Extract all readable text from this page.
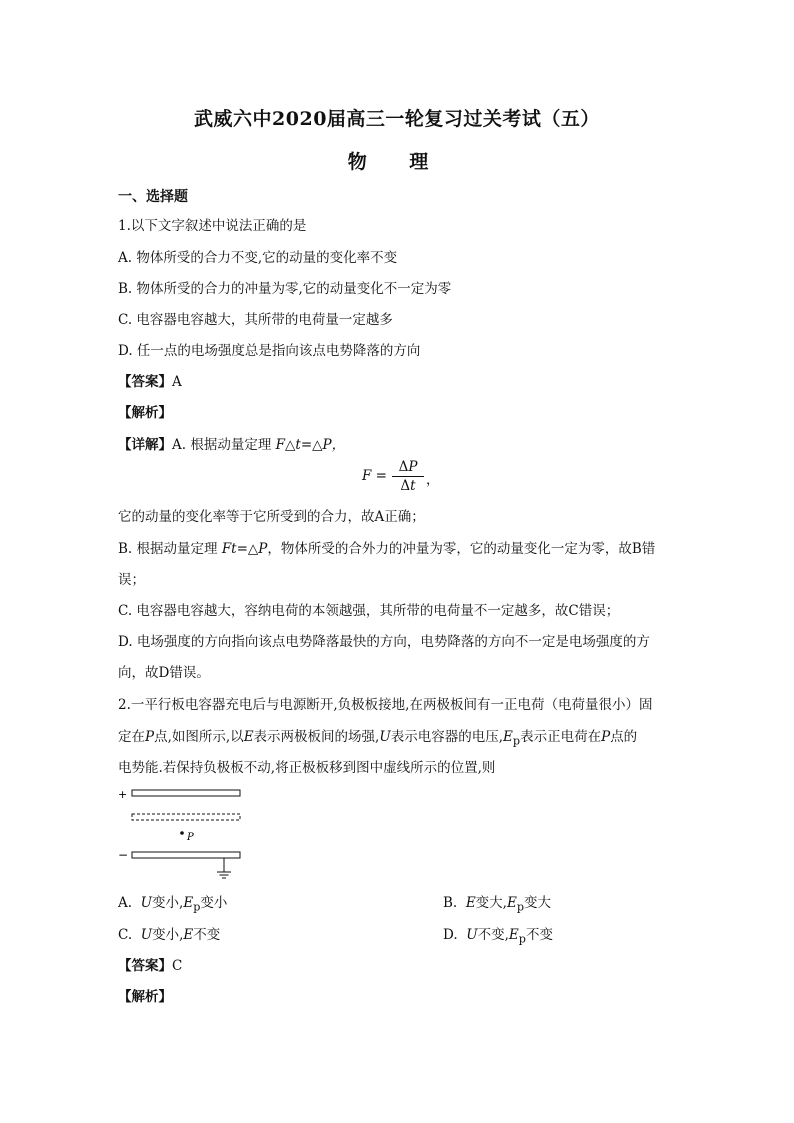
武威六中2020届高三一轮复习过关考试（五）
物 理
一、选择题
1.以下文字叙述中说法正确的是
A. 物体所受的合力不变,它的动量的变化率不变
B. 物体所受的合力的冲量为零,它的动量变化不一定为零
C. 电容器电容越大，其所带的电荷量一定越多
D. 任一点的电场强度总是指向该点电势降落的方向
【答案】A
【解析】
【详解】A. 根据动量定理 F△t=△P，
$F = \frac{\Delta P}{\Delta t}$ ，
它的动量的变化率等于它所受到的合力，故A正确；
B. 根据动量定理 Ft=△P，物体所受的合外力的冲量为零，它的动量变化一定为零，故B错
误；
C. 电容器电容越大，容纳电荷的本领越强，其所带的电荷量不一定越多，故C错误；
D. 电场强度的方向指向该点电势降落最快的方向，电势降落的方向不一定是电场强度的方
向，故D错误。
2.一平行板电容器充电后与电源断开,负极板接地,在两极板间有一正电荷（电荷量很小）固
定在P点,如图所示,以E表示两极板间的场强,U表示电容器的电压$,E_p$表示正电荷在P点的
电势能.若保持负极板不动,将正极板移到图中虚线所示的位置,则
+
P
−
A. U变小$,E_p$变小	B. E变大$,E_p$变大
C. U变小,E不变	D. U不变$,E_p$不变
【答案】C
【解析】
